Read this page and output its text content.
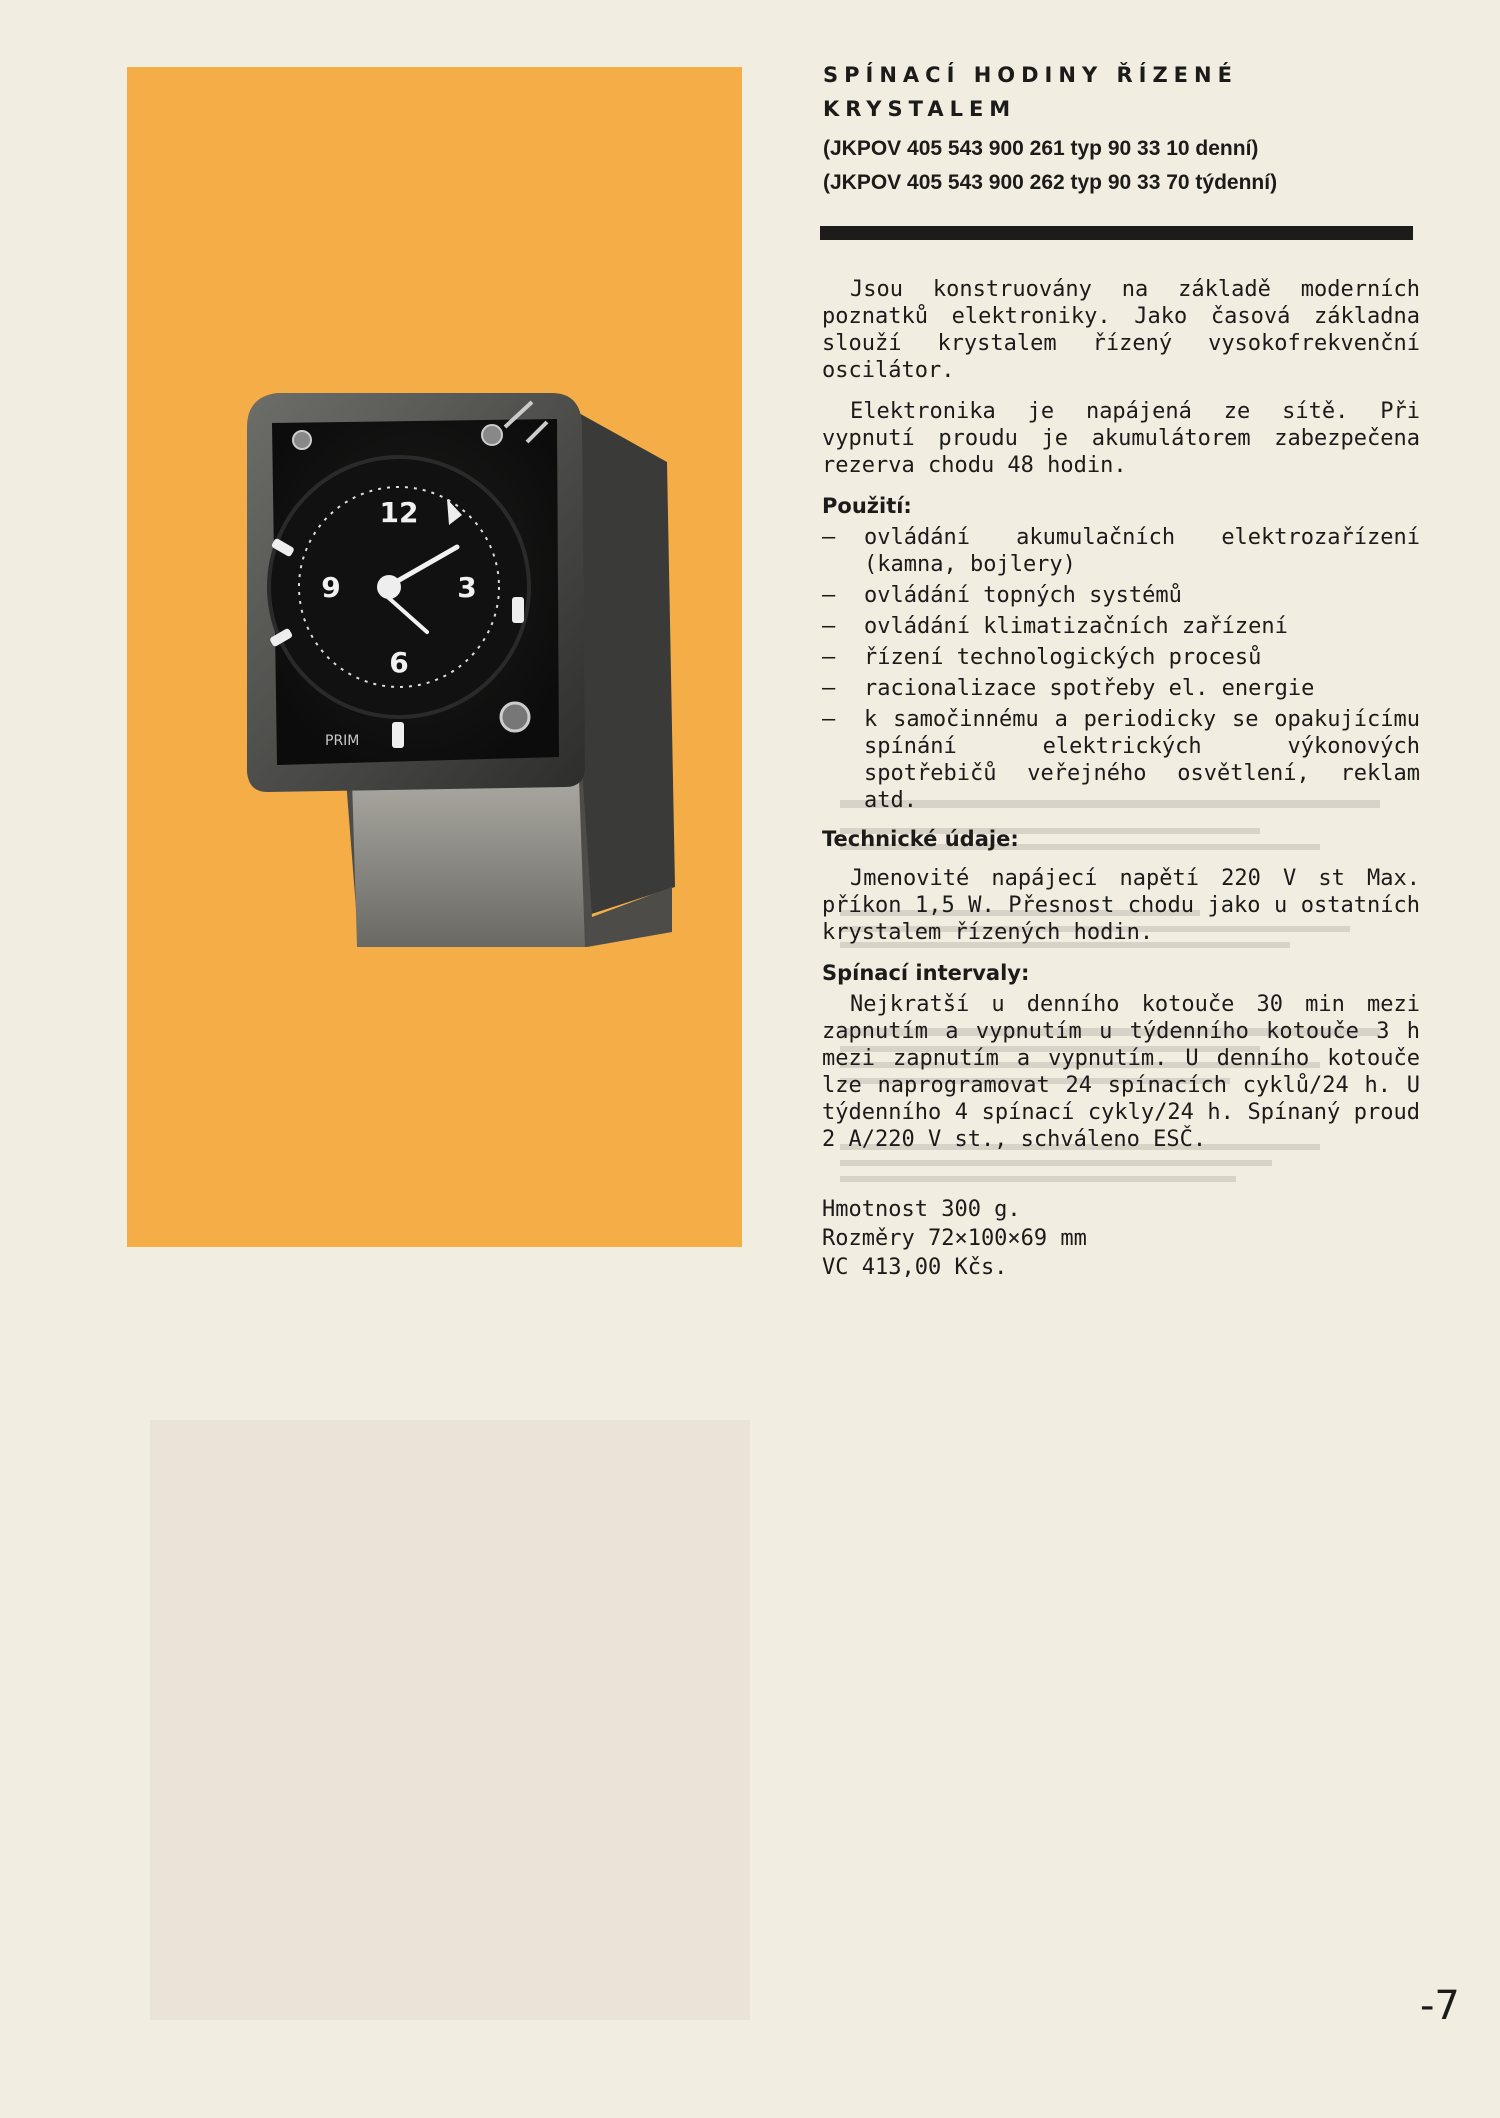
12
3
6
9
PRIM
SPÍNACÍ HODINY ŘÍZENÉ KRYSTALEM
(JKPOV 405 543 900 261 typ 90 33 10 denní)
(JKPOV 405 543 900 262 typ 90 33 70 týdenní)

Jsou konstruovány na základě moderních poznatků elektroniky. Jako časová základna slouží krystalem řízený vysokofrekvenční oscilátor.

Elektronika je napájená ze sítě. Při vypnutí proudu je akumulátorem zabezpečena rezerva chodu 48 hodin.

Použití:
—	ovládání akumulačních elektrozařízení (kamna, bojlery)
—	ovládání topných systémů
—	ovládání klimatizačních zařízení
—	řízení technologických procesů
—	racionalizace spotřeby el. energie
—	k samočinnému a periodicky se opakujícímu spínání elektrických výkonových spotřebičů veřejného osvětlení, reklam atd.
Technické údaje:

Jmenovité napájecí napětí 220 V st Max. příkon 1,5 W. Přesnost chodu jako u ostatních krystalem řízených hodin.

Spínací intervaly:

Nejkratší u denního kotouče 30 min mezi zapnutím a vypnutím u týdenního kotouče 3 h mezi zapnutím a vypnutím. U denního kotouče lze naprogramovat 24 spínacích cyklů/24 h. U týdenního 4 spínací cykly/24 h. Spínaný proud 2 A/220 V st., schváleno ESČ.

Hmotnost 300 g.
Rozměry 72×100×69 mm
VC 413,00 Kčs.
-7
